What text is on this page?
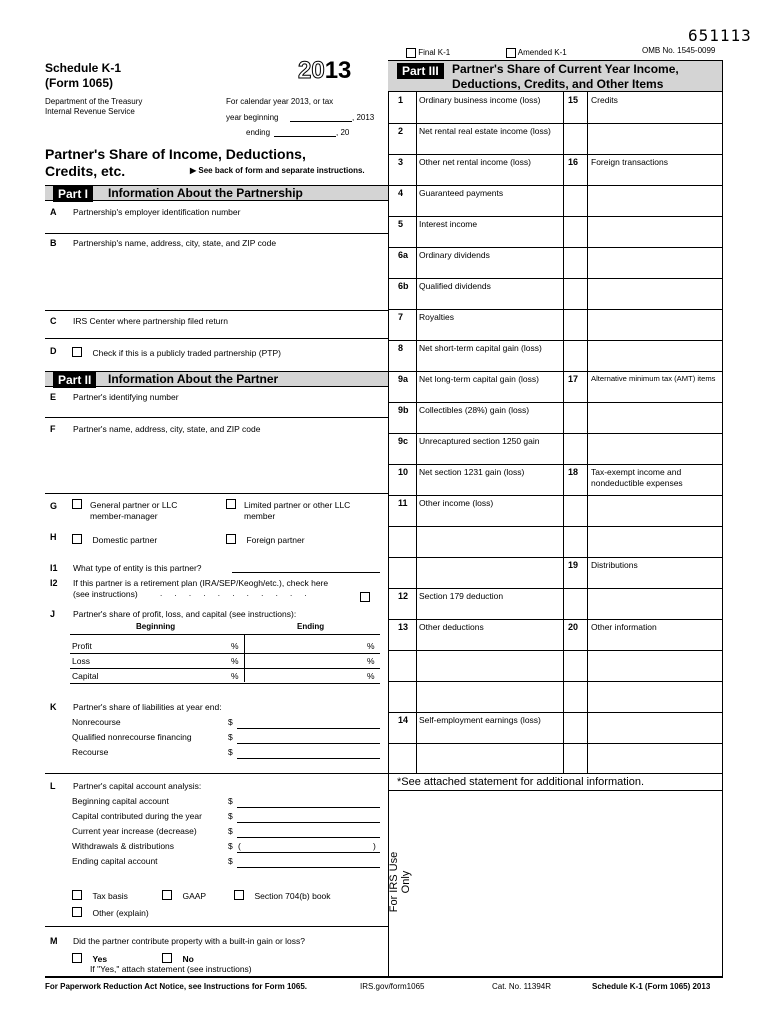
651113
Final K-1	Amended K-1	OMB No. 1545-0099
Schedule K-1
(Form 1065)	2013
Department of the Treasury
Internal Revenue Service
For calendar year 2013, or tax
year beginning	, 2013
ending	, 20
Partner's Share of Income, Deductions,
Credits, etc.	▶ See back of form and separate instructions.
Part I	Information About the Partnership
A Partnership's employer identification number
B Partnership's name, address, city, state, and ZIP code
C IRS Center where partnership filed return
D	Check if this is a publicly traded partnership (PTP)
Part II	Information About the Partner
E Partner's identifying number
F Partner's name, address, city, state, and ZIP code
G	General partner or LLC
member-manager
Limited partner or other LLC
member
H	Domestic partner	Foreign partner
I1 What type of entity is this partner?
I2 If this partner is a retirement plan (IRA/SEP/Keogh/etc.), check here
(see instructions)	. . . . . . . . . . .
J Partner's share of profit, loss, and capital (see instructions):
Beginning	Ending
Profit	%	%
Loss	%	%
Capital	%	%
K Partner's share of liabilities at year end:
Nonrecourse	$
Qualified nonrecourse financing	$
Recourse	$
L Partner's capital account analysis:
Beginning capital account	$
Capital contributed during the year	$
Current year increase (decrease)	$
Withdrawals & distributions	$ (	)
Ending capital account	$
Tax basis	GAAP	Section 704(b) book
Other (explain)
M Did the partner contribute property with a built-in gain or loss?
Yes	No
If "Yes," attach statement (see instructions)
Part III	Partner's Share of Current Year Income,
Deductions, Credits, and Other Items
1 Ordinary business income (loss)
2 Net rental real estate income (loss)
3 Other net rental income (loss)
4 Guaranteed payments
5 Interest income
6a Ordinary dividends
6b Qualified dividends
7 Royalties
8 Net short-term capital gain (loss)
9a Net long-term capital gain (loss)
9b Collectibles (28%) gain (loss)
9c Unrecaptured section 1250 gain
10 Net section 1231 gain (loss)
11 Other income (loss)
12 Section 179 deduction
13 Other deductions
14 Self-employment earnings (loss)
15 Credits
16 Foreign transactions
17 Alternative minimum tax (AMT) items
18 Tax-exempt income and
nondeductible expenses
19 Distributions
20 Other information
*See attached statement for additional information.
For IRS Use Only
For Paperwork Reduction Act Notice, see Instructions for Form 1065.	IRS.gov/form1065	Cat. No. 11394R	Schedule K-1 (Form 1065) 2013
